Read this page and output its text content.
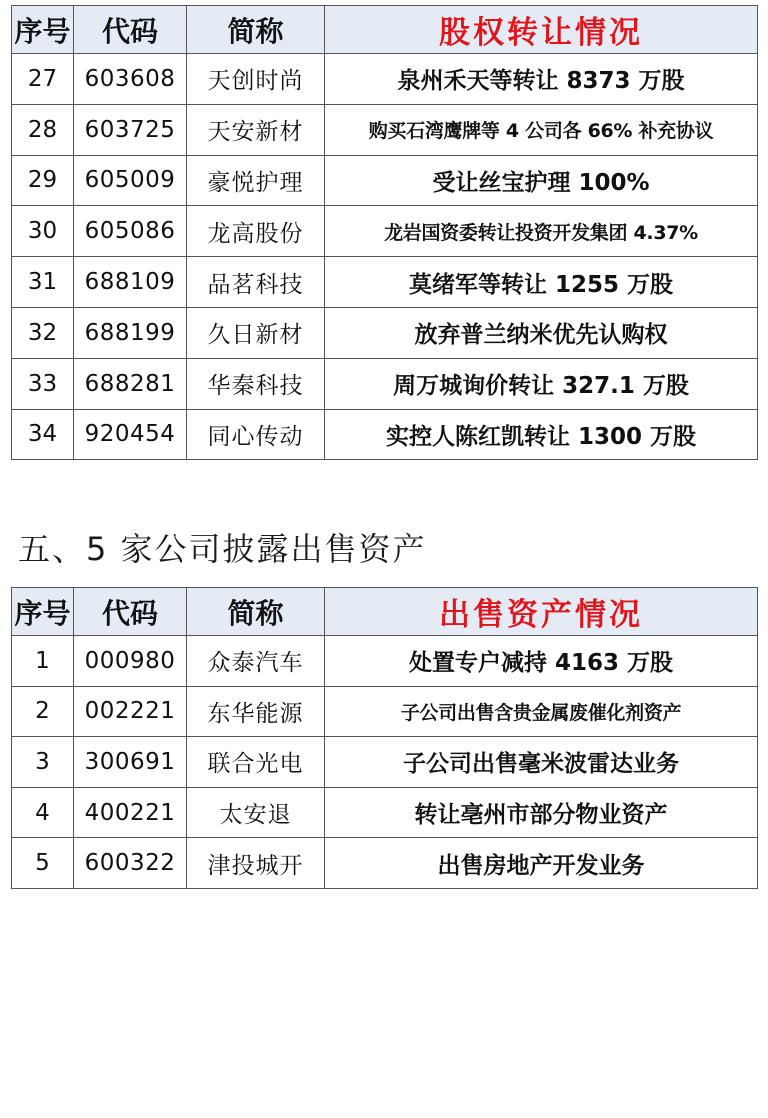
序号	代码	简称	股权转让情况
27	603608	天创时尚	泉州禾天等转让 8373 万股
28	603725	天安新材	购买石湾鹰牌等 4 公司各 66% 补充协议
29	605009	豪悦护理	受让丝宝护理 100%
30	605086	龙高股份	龙岩国资委转让投资开发集团 4.37%
31	688109	品茗科技	莫绪军等转让 1255 万股
32	688199	久日新材	放弃普兰纳米优先认购权
33	688281	华秦科技	周万城询价转让 327.1 万股
34	920454	同心传动	实控人陈红凯转让 1300 万股
五、5 家公司披露出售资产
序号	代码	简称	出售资产情况
1	000980	众泰汽车	处置专户减持 4163 万股
2	002221	东华能源	子公司出售含贵金属废催化剂资产
3	300691	联合光电	子公司出售毫米波雷达业务
4	400221	太安退	转让亳州市部分物业资产
5	600322	津投城开	出售房地产开发业务
